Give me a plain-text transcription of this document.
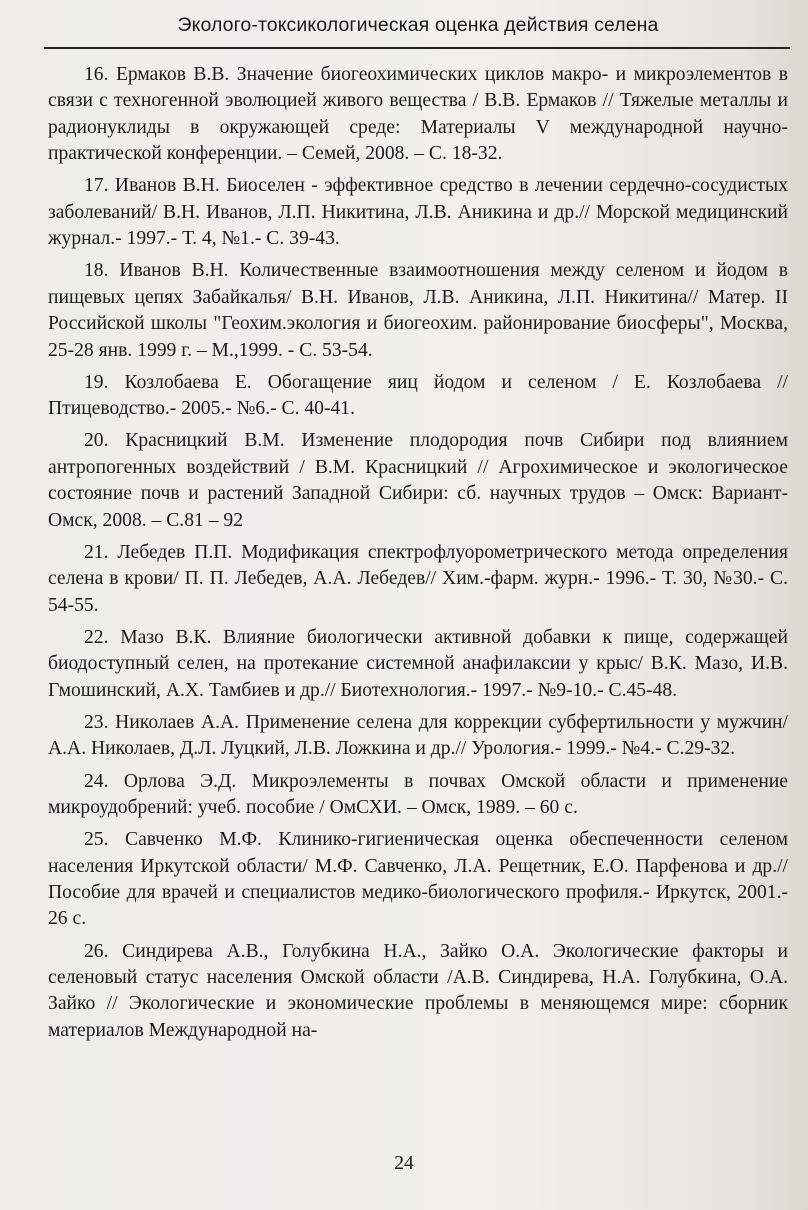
Эколого-токсикологическая оценка действия селена

16. Ермаков В.В. Значение биогеохимических циклов макро- и микроэлементов в связи с техногенной эволюцией живого вещества / В.В. Ермаков // Тяжелые металлы и радионуклиды в окружающей среде: Материалы V международной научно-практической конференции. – Семей, 2008. – С. 18-32.

17. Иванов В.Н. Биоселен - эффективное средство в лечении сердечно-сосудистых заболеваний/ В.Н. Иванов, Л.П. Никитина, Л.В. Аникина и др.// Морской медицинский журнал.- 1997.- Т. 4, №1.- С. 39-43.

18. Иванов В.Н. Количественные взаимоотношения между селеном и йодом в пищевых цепях Забайкалья/ В.Н. Иванов, Л.В. Аникина, Л.П. Никитина// Матер. II Российской школы "Геохим.экология и биогеохим. районирование биосферы", Москва, 25-28 янв. 1999 г. – М.,1999. - С. 53-54.

19. Козлобаева Е. Обогащение яиц йодом и селеном / Е. Козлобаева // Птицеводство.- 2005.- №6.- С. 40-41.

20. Красницкий В.М. Изменение плодородия почв Сибири под влиянием антропогенных воздействий / В.М. Красницкий // Агрохимическое и экологическое состояние почв и растений Западной Сибири: сб. научных трудов – Омск: Вариант-Омск, 2008. – С.81 – 92

21. Лебедев П.П. Модификация спектрофлуорометрического метода определения селена в крови/ П. П. Лебедев, А.А. Лебедев// Хим.-фарм. журн.- 1996.- Т. 30, №30.- С. 54-55.

22. Мазо В.К. Влияние биологически активной добавки к пище, содержащей биодоступный селен, на протекание системной анафилаксии у крыс/ В.К. Мазо, И.В. Гмошинский, А.Х. Тамбиев и др.// Биотехнология.- 1997.- №9-10.- С.45-48.

23. Николаев А.А. Применение селена для коррекции субфертильности у мужчин/ А.А. Николаев, Д.Л. Луцкий, Л.В. Ложкина и др.// Урология.- 1999.- №4.- С.29-32.

24. Орлова Э.Д. Микроэлементы в почвах Омской области и применение микроудобрений: учеб. пособие / ОмСХИ. – Омск, 1989. – 60 с.

25. Савченко М.Ф. Клинико-гигиеническая оценка обеспеченности селеном населения Иркутской области/ М.Ф. Савченко, Л.А. Рещетник, Е.О. Парфенова и др.// Пособие для врачей и специалистов медико-биологического профиля.- Иркутск, 2001.- 26 с.

26. Синдирева А.В., Голубкина Н.А., Зайко О.А. Экологические факторы и селеновый статус населения Омской области /А.В. Синдирева, Н.А. Голубкина, О.А. Зайко // Экологические и экономические проблемы в меняющемся мире: сборник материалов Международной на-

24
